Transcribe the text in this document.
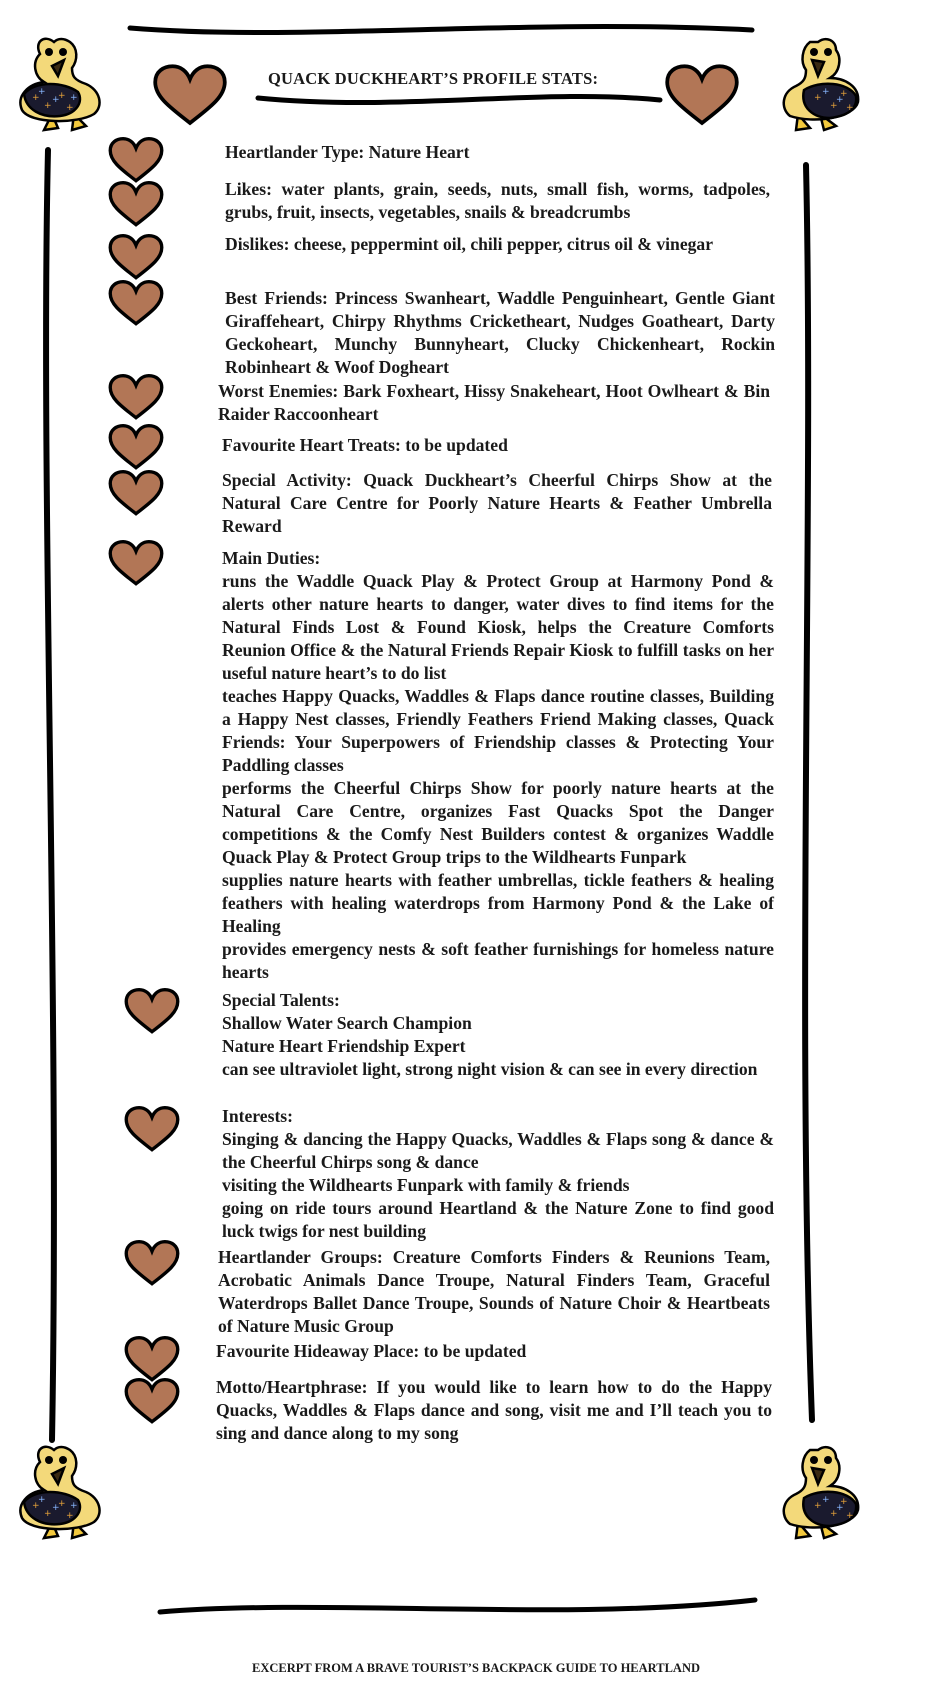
+
+
+
+
+
+ +	+
+
+
+
+
+
+
+
+
+
+
+ +	+
+
+
+
+
+
QUACK DUCKHEART’S PROFILE STATS:

Heartlander Type: Nature Heart

Likes: water plants, grain, seeds, nuts, small fish, worms, tadpoles, grubs, fruit, insects, vegetables, snails & breadcrumbs

Dislikes: cheese, peppermint oil, chili pepper, citrus oil & vinegar

Best Friends: Princess Swanheart, Waddle Penguinheart, Gentle Giant Giraffeheart, Chirpy Rhythms Cricketheart, Nudges Goatheart, Darty Geckoheart, Munchy Bunnyheart, Clucky Chickenheart, Rockin Robinheart & Woof Dogheart

Worst Enemies: Bark Foxheart, Hissy Snakeheart, Hoot Owlheart & Bin Raider Raccoonheart

Favourite Heart Treats: to be updated

Special Activity: Quack Duckheart’s Cheerful Chirps Show at the Natural Care Centre for Poorly Nature Hearts & Feather Umbrella Reward

Main Duties:

runs the Waddle Quack Play & Protect Group at Harmony Pond & alerts other nature hearts to danger, water dives to find items for the Natural Finds Lost & Found Kiosk, helps the Creature Comforts Reunion Office & the Natural Friends Repair Kiosk to fulfill tasks on her useful nature heart’s to do list

teaches Happy Quacks, Waddles & Flaps dance routine classes, Building a Happy Nest classes, Friendly Feathers Friend Making classes, Quack Friends: Your Superpowers of Friendship classes & Protecting Your Paddling classes

performs the Cheerful Chirps Show for poorly nature hearts at the Natural Care Centre, organizes Fast Quacks Spot the Danger competitions & the Comfy Nest Builders contest & organizes Waddle Quack Play & Protect Group trips to the Wildhearts Funpark

supplies nature hearts with feather umbrellas, tickle feathers & healing feathers with healing waterdrops from Harmony Pond & the Lake of Healing

provides emergency nests & soft feather furnishings for homeless nature hearts

Special Talents:

Shallow Water Search Champion

Nature Heart Friendship Expert

can see ultraviolet light, strong night vision & can see in every direction

Interests:

Singing & dancing the Happy Quacks, Waddles & Flaps song & dance & the Cheerful Chirps song & dance

visiting the Wildhearts Funpark with family & friends

going on ride tours around Heartland & the Nature Zone to find good luck twigs for nest building

Heartlander Groups: Creature Comforts Finders & Reunions Team, Acrobatic Animals Dance Troupe, Natural Finders Team, Graceful Waterdrops Ballet Dance Troupe, Sounds of Nature Choir & Heartbeats of Nature Music Group

Favourite Hideaway Place: to be updated

Motto/Heartphrase: If you would like to learn how to do the Happy Quacks, Waddles & Flaps dance and song, visit me and I’ll teach you to sing and dance along to my song

EXCERPT FROM A BRAVE TOURIST’S BACKPACK GUIDE TO HEARTLAND
